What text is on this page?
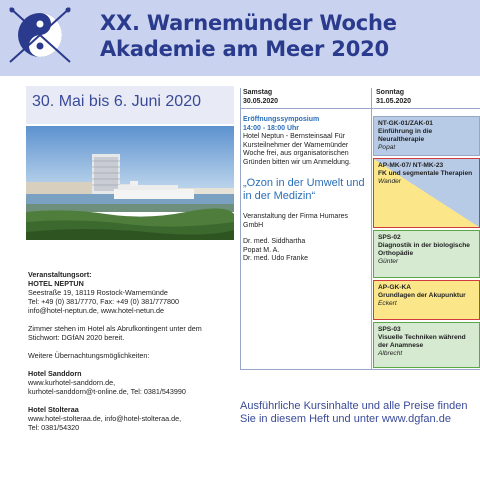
XX. Warnemünder Woche
Akademie am Meer 2020
30. Mai bis 6. Juni 2020

Veranstaltungsort:

HOTEL NEPTUN

Seestraße 19, 18119 Rostock-Warnemünde

Tel: +49 (0) 381/7770, Fax: +49 (0) 381/777800

info@hotel-neptun.de, www.hotel-netun.de

Zimmer stehen im Hotel als Abrufkontingent unter dem Stichwort: DGfAN 2020 bereit.

Weitere Übernachtungsmöglichkeiten:

Hotel Sanddorn

www.kurhotel-sanddorn.de,

kurhotel-sanddorn@t-online.de, Tel: 0381/543990

Hotel Stolteraa

www.hotel-stolteraa.de, info@hotel-stolteraa.de,

Tel: 0381/54320

Samstag
30.05.2020
Sonntag
31.05.2020
Eröffnungssymposium
14:00 - 18:00 Uhr
Hotel Neptun - Bernsteinsaal Für Kursteilnehmer der Warnemünder Woche frei, aus organisatorischen Gründen bitten wir um Anmeldung.
„Ozon in der Umwelt und in der Medizin“
Veranstaltung der Firma Humares GmbH
Dr. med. Siddhartha
Popat M. A.
Dr. med. Udo Franke
NT-GK-01/ZAK-01
Einführung in die Neuraltherapie
Popat
AP-MK-07/ NT-MK-23
FK und segmentale Therapien
Wander
SPS-02
Diagnostik in der biologische Orthopädie
Günter
AP-GK-KA
Grundlagen der Akupunktur
Eckert
SPS-03
Visuelle Techniken während der Anamnese
Albrecht
Ausführliche Kursinhalte und alle Preise finden Sie in diesem Heft und unter www.dgfan.de
